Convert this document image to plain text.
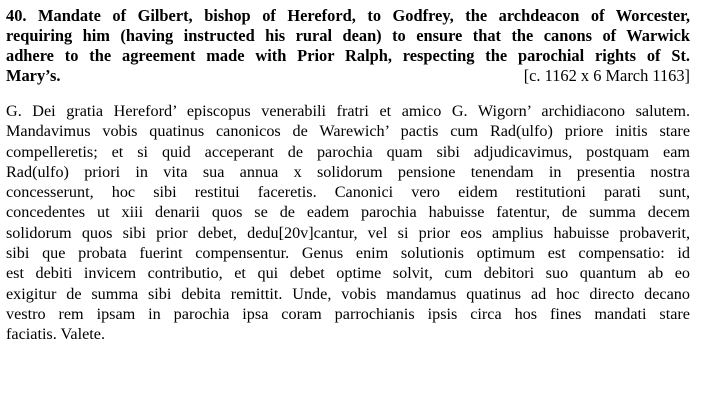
40. Mandate of Gilbert, bishop of Hereford, to Godfrey, the archdeacon of Worcester,
requiring him (having instructed his rural dean) to ensure that the canons of Warwick
adhere to the agreement made with Prior Ralph, respecting the parochial rights of St.
Mary’s.	[c. 1162 x 6 March 1163]
G. Dei gratia Hereford’ episcopus venerabili fratri et amico G. Wigorn’ archidiacono salutem.
Mandavimus vobis quatinus canonicos de Warewich’ pactis cum Rad(ulfo) priore initis stare
compelleretis; et si quid acceperant de parochia quam sibi adjudicavimus, postquam eam
Rad(ulfo) priori in vita sua annua x solidorum pensione tenendam in presentia nostra
concesserunt, hoc sibi restitui faceretis. Canonici vero eidem restitutioni parati sunt,
concedentes ut xiii denarii quos se de eadem parochia habuisse fatentur, de summa decem
solidorum quos sibi prior debet, dedu[20v]cantur, vel si prior eos amplius habuisse probaverit,
sibi que probata fuerint compensentur. Genus enim solutionis optimum est compensatio: id
est debiti invicem contributio, et qui debet optime solvit, cum debitori suo quantum ab eo
exigitur de summa sibi debita remittit. Unde, vobis mandamus quatinus ad hoc directo decano
vestro rem ipsam in parochia ipsa coram parrochianis ipsis circa hos fines mandati stare
faciatis. Valete.
